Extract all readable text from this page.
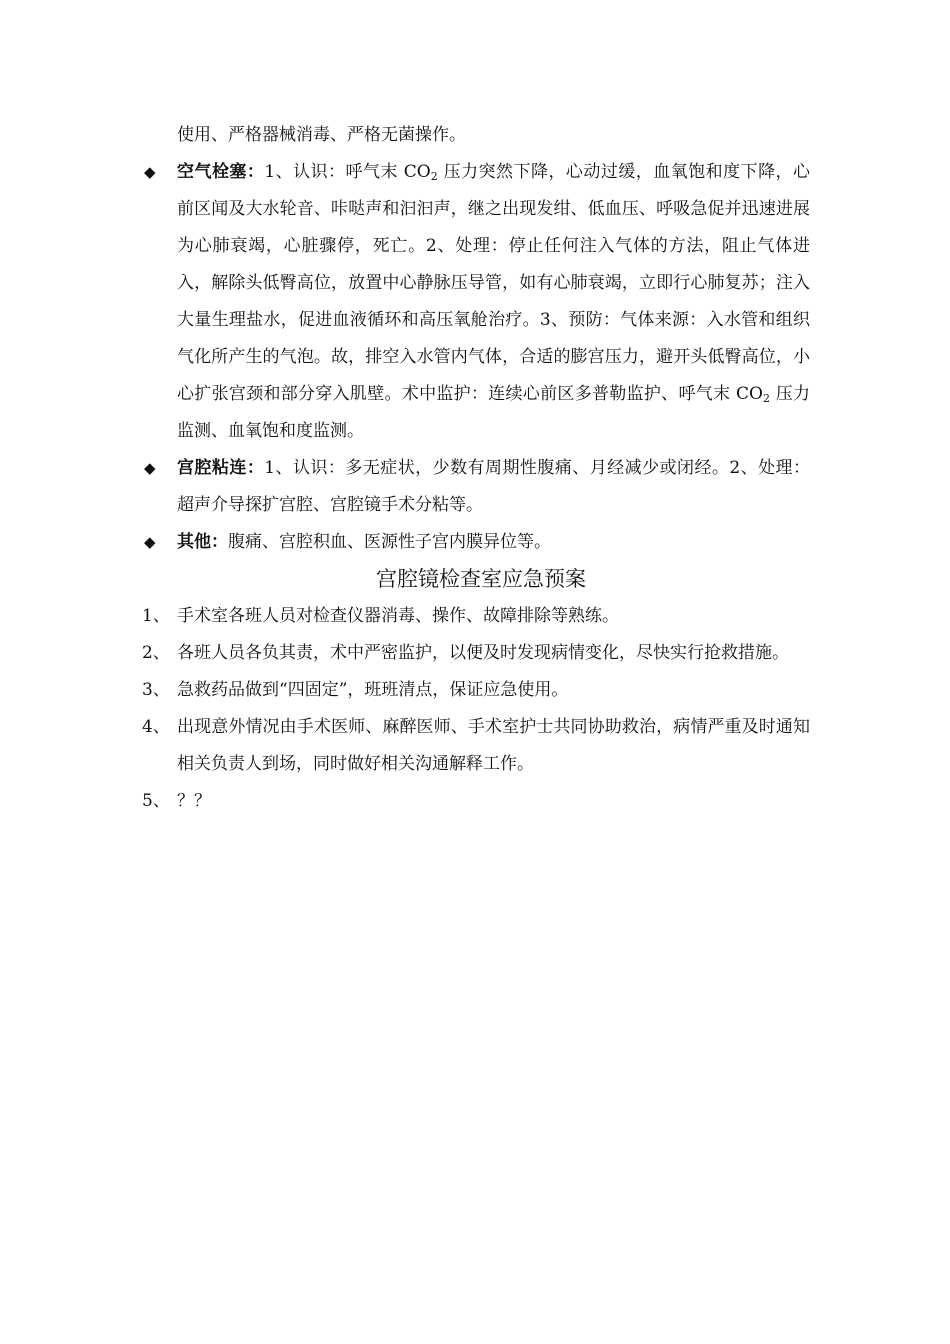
使用、严格器械消毒、严格无菌操作。

◆	空气栓塞：1、认识：呼气末 $CO_2$ 压力突然下降，心动过缓，血氧饱和度下降，心前区闻及大水轮音、咔哒声和汩汩声，继之出现发绀、低血压、呼吸急促并迅速进展为心肺衰竭，心脏骤停，死亡。2、处理：停止任何注入气体的方法，阻止气体进入，解除头低臀高位，放置中心静脉压导管，如有心肺衰竭，立即行心肺复苏；注入大量生理盐水，促进血液循环和高压氧舱治疗。3、预防：气体来源：入水管和组织气化所产生的气泡。故，排空入水管内气体，合适的膨宫压力，避开头低臀高位，小心扩张宫颈和部分穿入肌壁。术中监护：连续心前区多普勒监护、呼气末 $CO_2$ 压力监测、血氧饱和度监测。

◆	宫腔粘连：1、认识：多无症状，少数有周期性腹痛、月经减少或闭经。2、处理：超声介导探扩宫腔、宫腔镜手术分粘等。

◆	其他：腹痛、宫腔积血、医源性子宫内膜异位等。

宫腔镜检查室应急预案

1、 手术室各班人员对检查仪器消毒、操作、故障排除等熟练。

2、 各班人员各负其责，术中严密监护，以便及时发现病情变化，尽快实行抢救措施。

3、 急救药品做到“四固定”，班班清点，保证应急使用。

4、 出现意外情况由手术医师、麻醉医师、手术室护士共同协助救治，病情严重及时通知相关负责人到场，同时做好相关沟通解释工作。

5、 ？？
